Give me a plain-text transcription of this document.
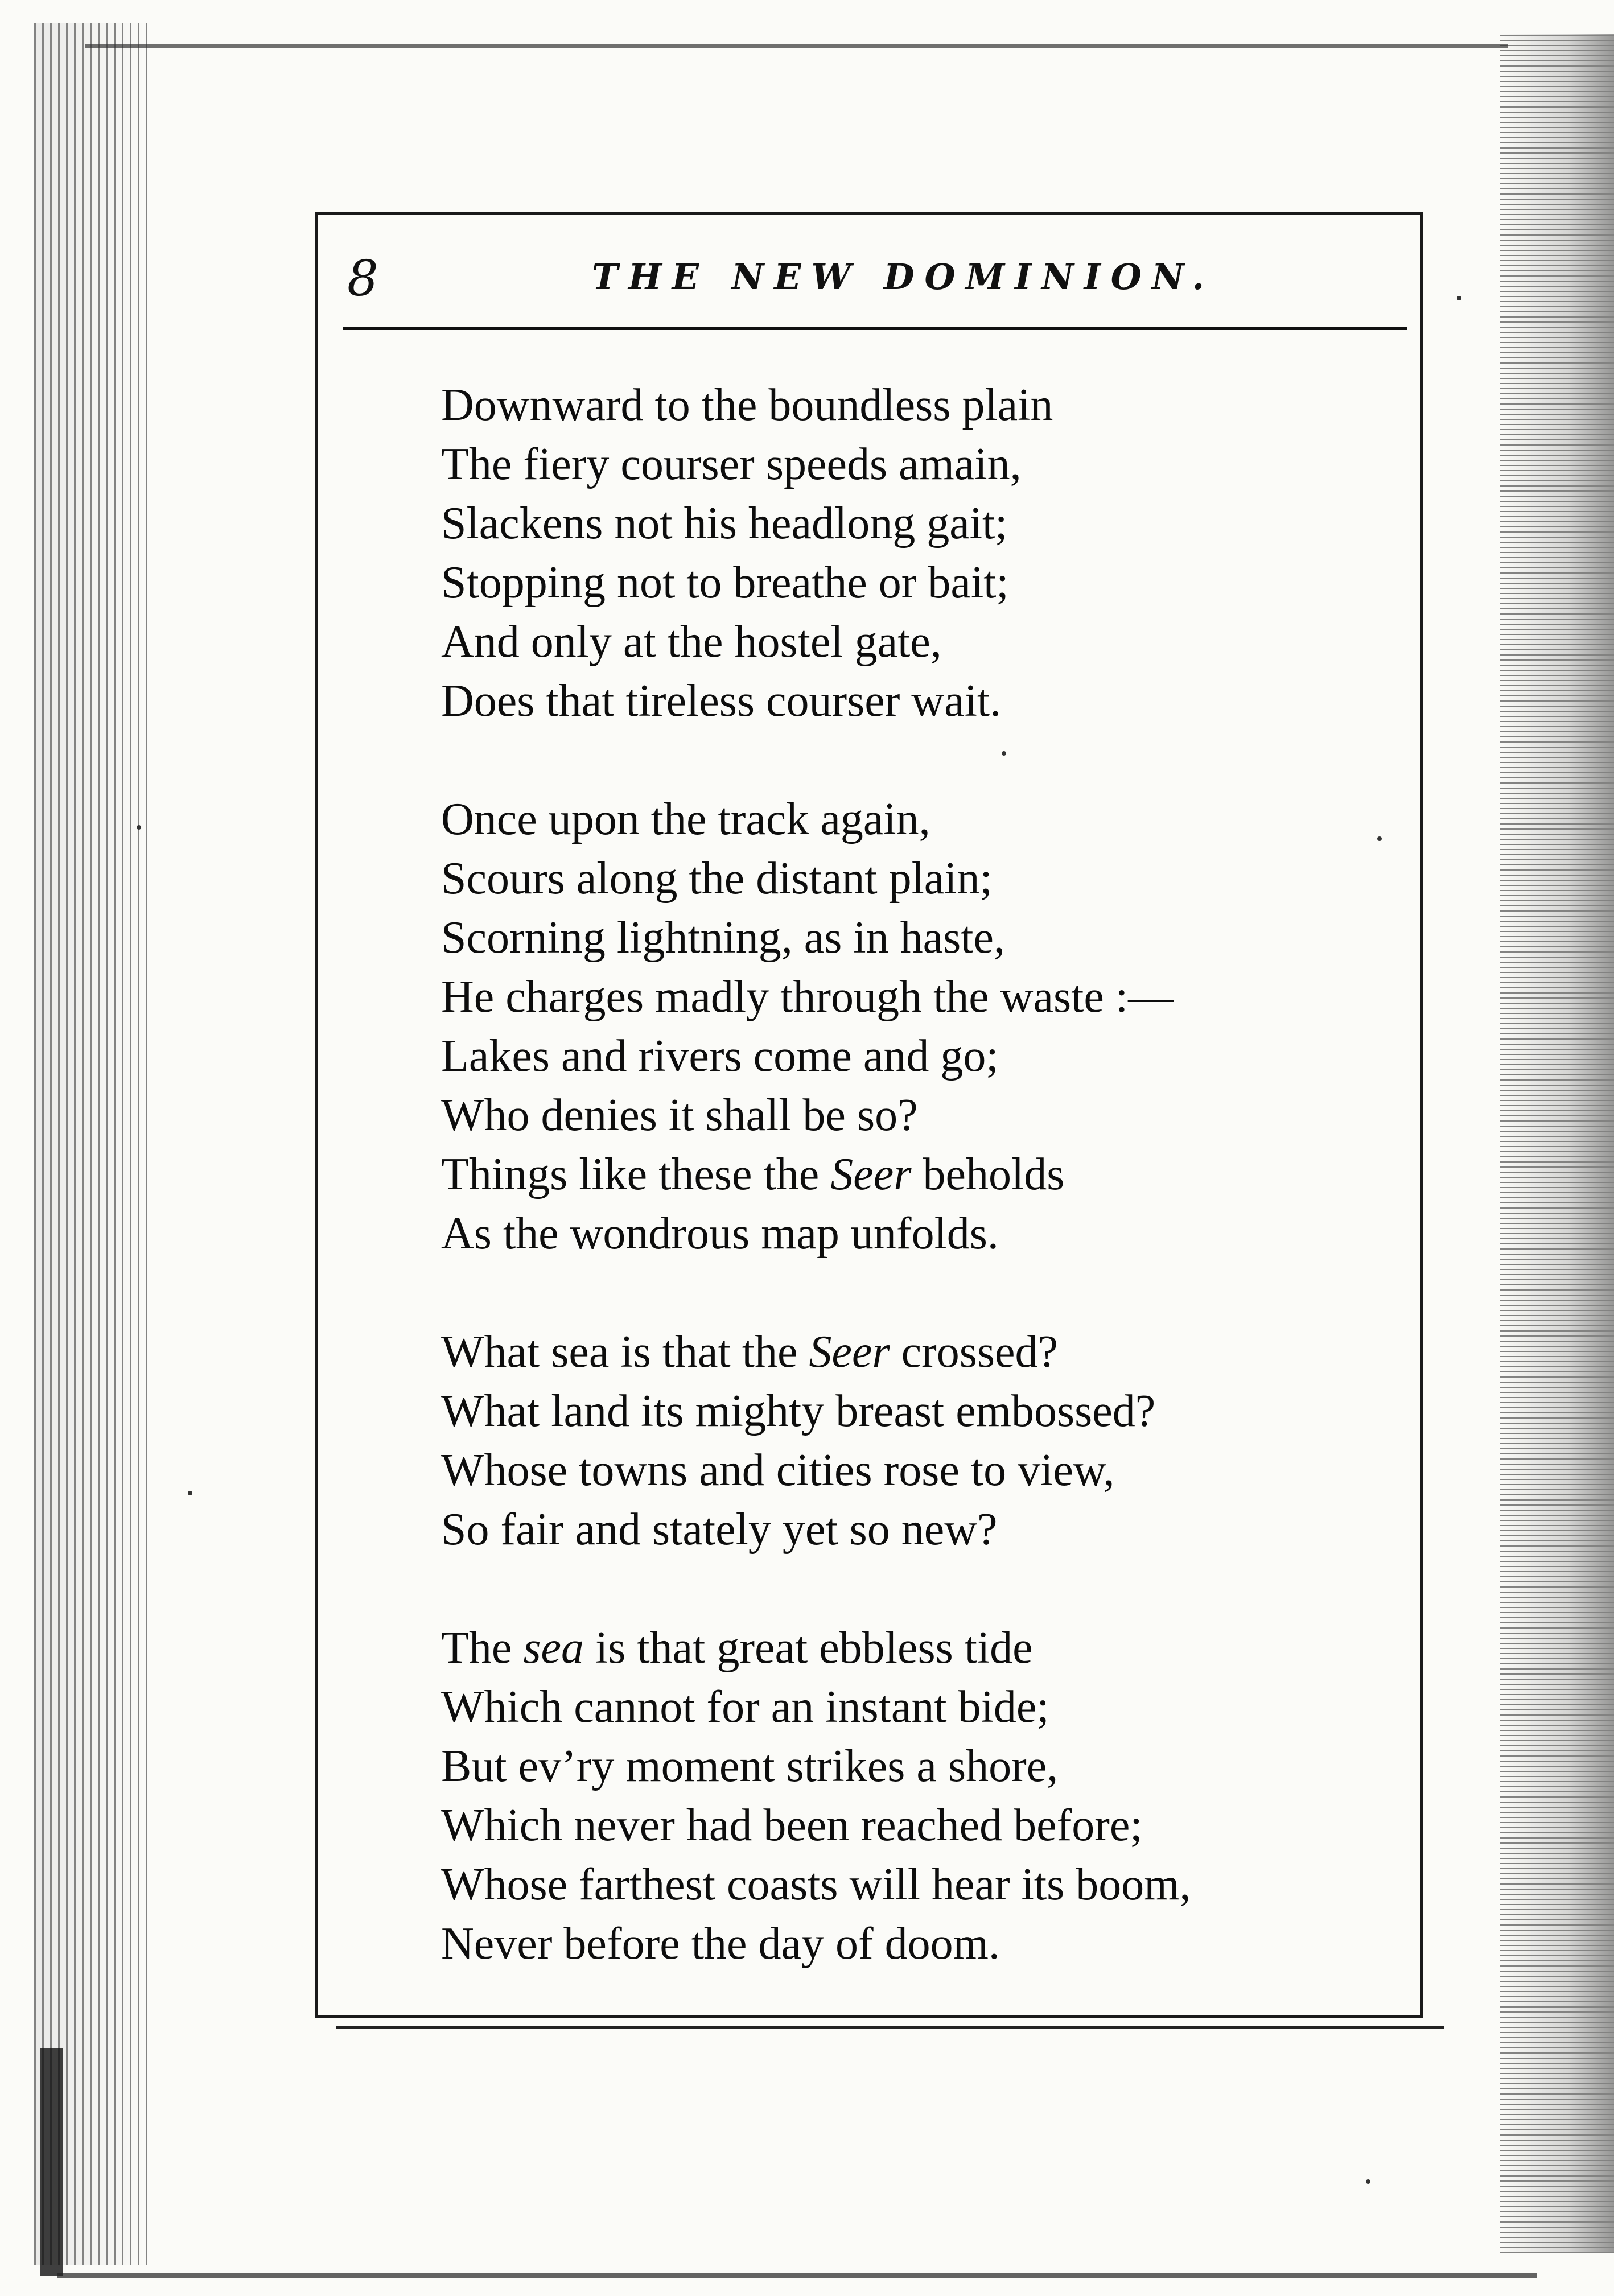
8	THE NEW DOMINION.
Downward to the boundless plain
The fiery courser speeds amain,
Slackens not his headlong gait;
Stopping not to breathe or bait;
And only at the hostel gate,
Does that tireless courser wait.
Once upon the track again,
Scours along the distant plain;
Scorning lightning, as in haste,
He charges madly through the waste :—
Lakes and rivers come and go;
Who denies it shall be so?
Things like these the Seer beholds
As the wondrous map unfolds.
What sea is that the Seer crossed?
What land its mighty breast embossed?
Whose towns and cities rose to view,
So fair and stately yet so new?
The sea is that great ebbless tide
Which cannot for an instant bide;
But ev’ry moment strikes a shore,
Which never had been reached before;
Whose farthest coasts will hear its boom,
Never before the day of doom.
